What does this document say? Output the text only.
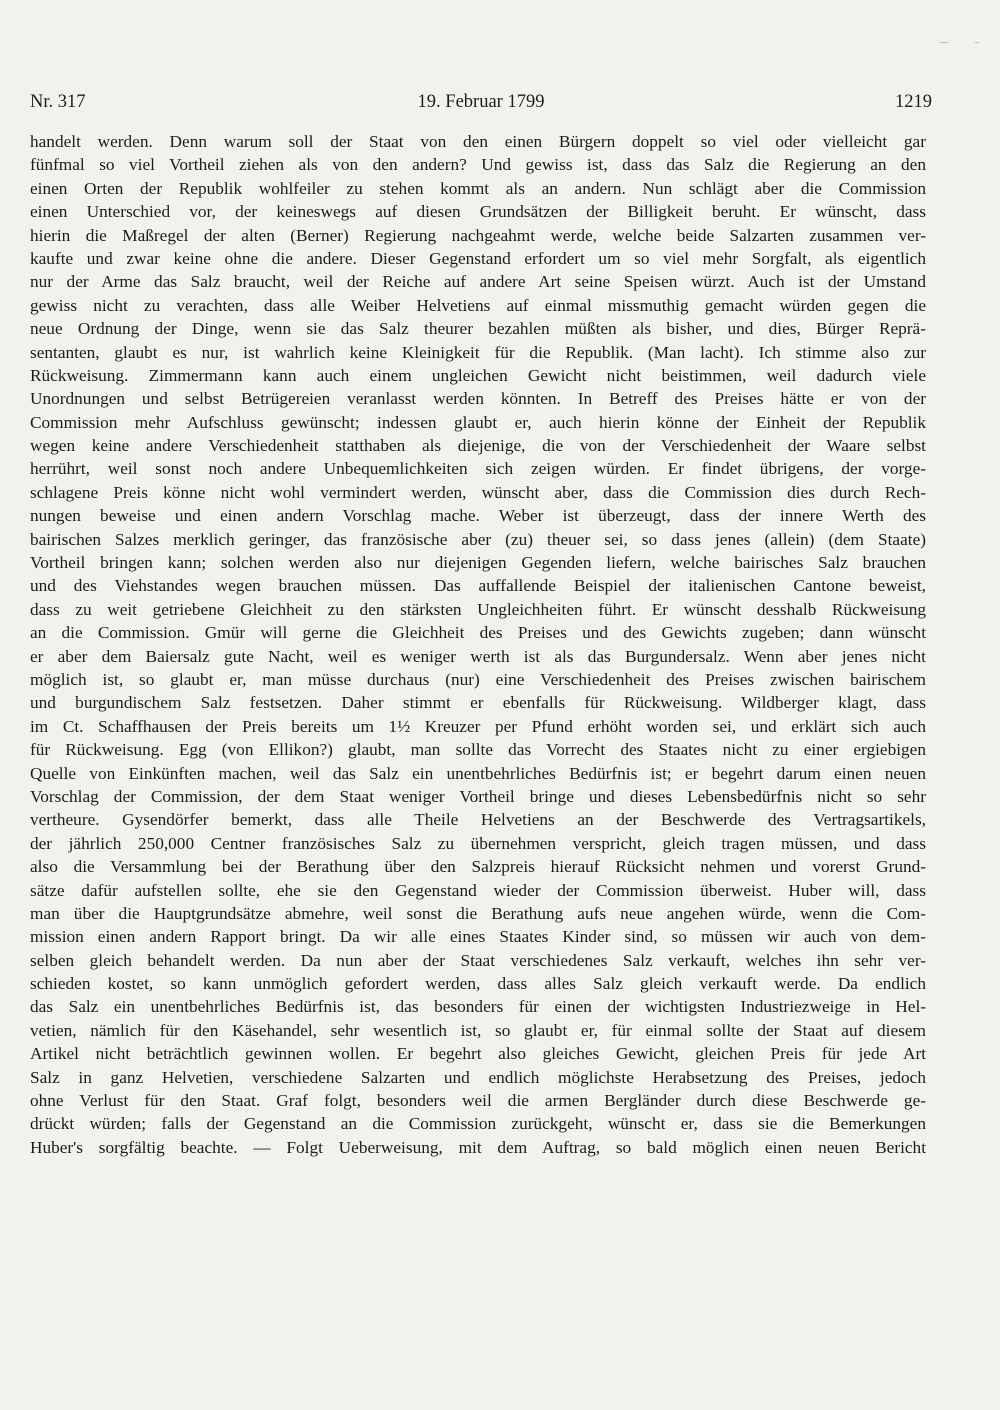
Nr. 317	19. Februar 1799	1219
handelt werden. Denn warum soll der Staat von den einen Bürgern doppelt so viel oder vielleicht gar
fünfmal so viel Vortheil ziehen als von den andern? Und gewiss ist, dass das Salz die Regierung an den
einen Orten der Republik wohlfeiler zu stehen kommt als an andern. Nun schlägt aber die Commission
einen Unterschied vor, der keineswegs auf diesen Grundsätzen der Billigkeit beruht. Er wünscht, dass
hierin die Maßregel der alten (Berner) Regierung nachgeahmt werde, welche beide Salzarten zusammen ver-
kaufte und zwar keine ohne die andere. Dieser Gegenstand erfordert um so viel mehr Sorgfalt, als eigentlich
nur der Arme das Salz braucht, weil der Reiche auf andere Art seine Speisen würzt. Auch ist der Umstand
gewiss nicht zu verachten, dass alle Weiber Helvetiens auf einmal missmuthig gemacht würden gegen die
neue Ordnung der Dinge, wenn sie das Salz theurer bezahlen müßten als bisher, und dies, Bürger Reprä-
sentanten, glaubt es nur, ist wahrlich keine Kleinigkeit für die Republik. (Man lacht). Ich stimme also zur
Rückweisung. Zimmermann kann auch einem ungleichen Gewicht nicht beistimmen, weil dadurch viele
Unordnungen und selbst Betrügereien veranlasst werden könnten. In Betreff des Preises hätte er von der
Commission mehr Aufschluss gewünscht; indessen glaubt er, auch hierin könne der Einheit der Republik
wegen keine andere Verschiedenheit statthaben als diejenige, die von der Verschiedenheit der Waare selbst
herrührt, weil sonst noch andere Unbequemlichkeiten sich zeigen würden. Er findet übrigens, der vorge-
schlagene Preis könne nicht wohl vermindert werden, wünscht aber, dass die Commission dies durch Rech-
nungen beweise und einen andern Vorschlag mache. Weber ist überzeugt, dass der innere Werth des
bairischen Salzes merklich geringer, das französische aber (zu) theuer sei, so dass jenes (allein) (dem Staate)
Vortheil bringen kann; solchen werden also nur diejenigen Gegenden liefern, welche bairisches Salz brauchen
und des Viehstandes wegen brauchen müssen. Das auffallende Beispiel der italienischen Cantone beweist,
dass zu weit getriebene Gleichheit zu den stärksten Ungleichheiten führt. Er wünscht desshalb Rückweisung
an die Commission. Gmür will gerne die Gleichheit des Preises und des Gewichts zugeben; dann wünscht
er aber dem Baiersalz gute Nacht, weil es weniger werth ist als das Burgundersalz. Wenn aber jenes nicht
möglich ist, so glaubt er, man müsse durchaus (nur) eine Verschiedenheit des Preises zwischen bairischem
und burgundischem Salz festsetzen. Daher stimmt er ebenfalls für Rückweisung. Wildberger klagt, dass
im Ct. Schaffhausen der Preis bereits um 1½ Kreuzer per Pfund erhöht worden sei, und erklärt sich auch
für Rückweisung. Egg (von Ellikon?) glaubt, man sollte das Vorrecht des Staates nicht zu einer ergiebigen
Quelle von Einkünften machen, weil das Salz ein unentbehrliches Bedürfnis ist; er begehrt darum einen neuen
Vorschlag der Commission, der dem Staat weniger Vortheil bringe und dieses Lebensbedürfnis nicht so sehr
vertheure. Gysendörfer bemerkt, dass alle Theile Helvetiens an der Beschwerde des Vertragsartikels,
der jährlich 250,000 Centner französisches Salz zu übernehmen verspricht, gleich tragen müssen, und dass
also die Versammlung bei der Berathung über den Salzpreis hierauf Rücksicht nehmen und vorerst Grund-
sätze dafür aufstellen sollte, ehe sie den Gegenstand wieder der Commission überweist. Huber will, dass
man über die Hauptgrundsätze abmehre, weil sonst die Berathung aufs neue angehen würde, wenn die Com-
mission einen andern Rapport bringt. Da wir alle eines Staates Kinder sind, so müssen wir auch von dem-
selben gleich behandelt werden. Da nun aber der Staat verschiedenes Salz verkauft, welches ihn sehr ver-
schieden kostet, so kann unmöglich gefordert werden, dass alles Salz gleich verkauft werde. Da endlich
das Salz ein unentbehrliches Bedürfnis ist, das besonders für einen der wichtigsten Industriezweige in Hel-
vetien, nämlich für den Käsehandel, sehr wesentlich ist, so glaubt er, für einmal sollte der Staat auf diesem
Artikel nicht beträchtlich gewinnen wollen. Er begehrt also gleiches Gewicht, gleichen Preis für jede Art
Salz in ganz Helvetien, verschiedene Salzarten und endlich möglichste Herabsetzung des Preises, jedoch
ohne Verlust für den Staat. Graf folgt, besonders weil die armen Bergländer durch diese Beschwerde ge-
drückt würden; falls der Gegenstand an die Commission zurückgeht, wünscht er, dass sie die Bemerkungen
Huber's sorgfältig beachte. — Folgt Ueberweisung, mit dem Auftrag, so bald möglich einen neuen Bericht
